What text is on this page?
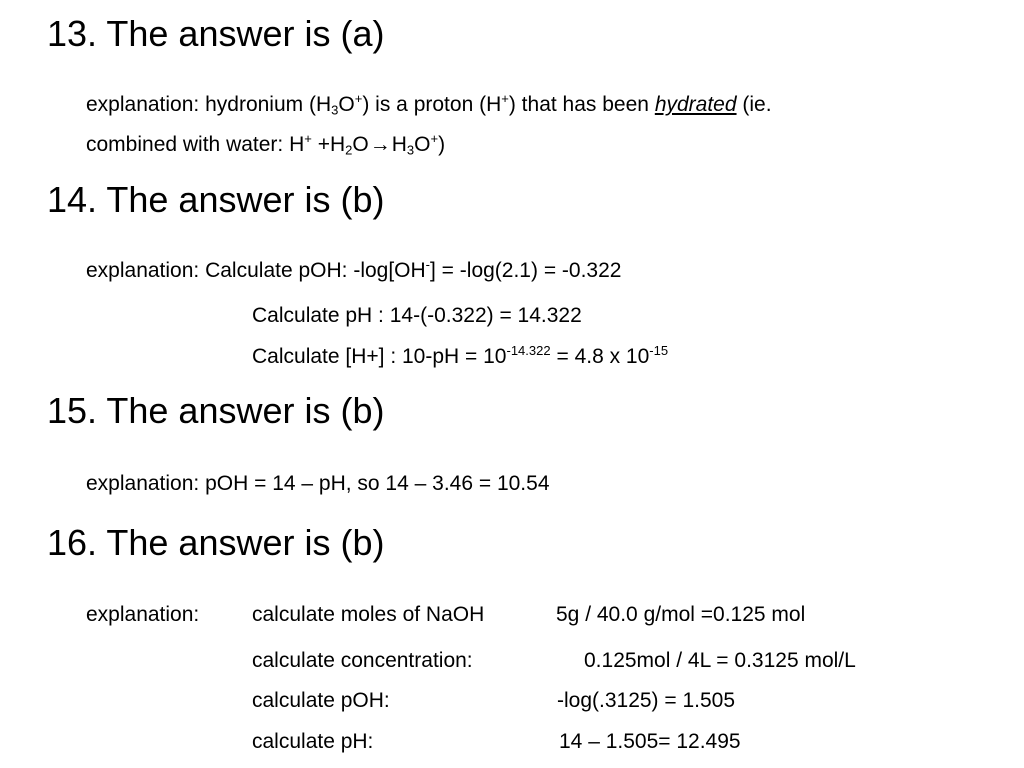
13. The answer is (a)
explanation: hydronium $(H_3O^+)$ is a proton (H+) that has been hydrated (ie.
combined with water: $H^+ +H_2O\to H_3O^+$)
14. The answer is (b)
explanation: Calculate pOH: -log[OH-] = -log(2.1) = -0.322
Calculate pH : 14-(-0.322) = 14.322
Calculate [H+] : $10-pH = 10^{-14.322} = 4.8$ x $10^{-15}$
15. The answer is (b)
explanation: pOH = 14 – pH, so 14 – 3.46 = 10.54
16. The answer is (b)
explanation:	calculate moles of NaOH	5g / 40.0 g/mol =0.125 mol
calculate concentration:	0.125mol / 4L = 0.3125 mol/L
calculate pOH:	-log(.3125) = 1.505
calculate pH:	14 – 1.505= 12.495
